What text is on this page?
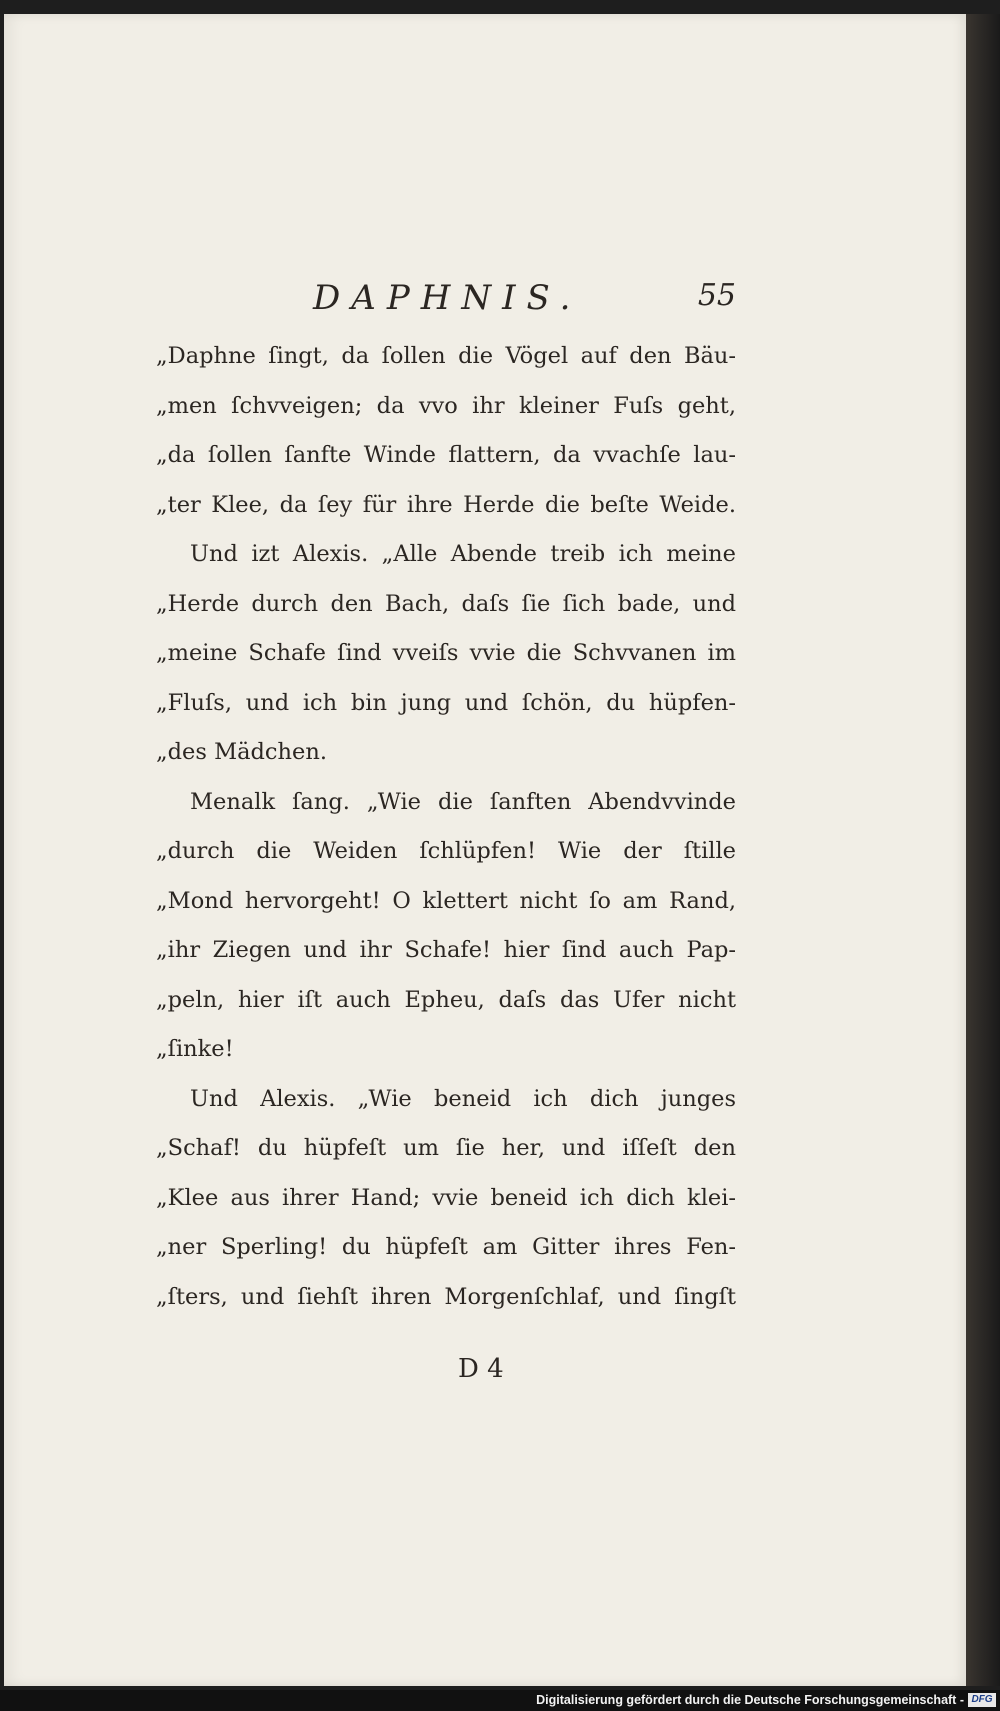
DAPHNIS.	55
„Daphne ſingt, da ſollen die Vögel auf den Bäu-
„men ſchvveigen; da vvo ihr kleiner Fuſs geht,
„da ſollen ſanfte Winde flattern, da vvachſe lau-
„ter Klee, da ſey für ihre Herde die beſte Weide.
Und izt Alexis. „Alle Abende treib ich meine
„Herde durch den Bach, daſs ſie ſich bade, und
„meine Schafe ſind vveiſs vvie die Schvvanen im
„Fluſs, und ich bin jung und ſchön, du hüpfen-
„des Mädchen.
Menalk ſang. „Wie die ſanften Abendvvinde
„durch die Weiden ſchlüpfen! Wie der ſtille
„Mond hervorgeht! O klettert nicht ſo am Rand,
„ihr Ziegen und ihr Schafe! hier ſind auch Pap-
„peln, hier iſt auch Epheu, daſs das Ufer nicht
„ſinke!
Und Alexis. „Wie beneid ich dich junges
„Schaf! du hüpfeſt um ſie her, und iſſeſt den
„Klee aus ihrer Hand; vvie beneid ich dich klei-
„ner Sperling! du hüpfeſt am Gitter ihres Fen-
„ſters, und ſiehſt ihren Morgenſchlaf, und ſingſt
D 4
Digitalisierung gefördert durch die Deutsche Forschungsgemeinschaft - DFG
